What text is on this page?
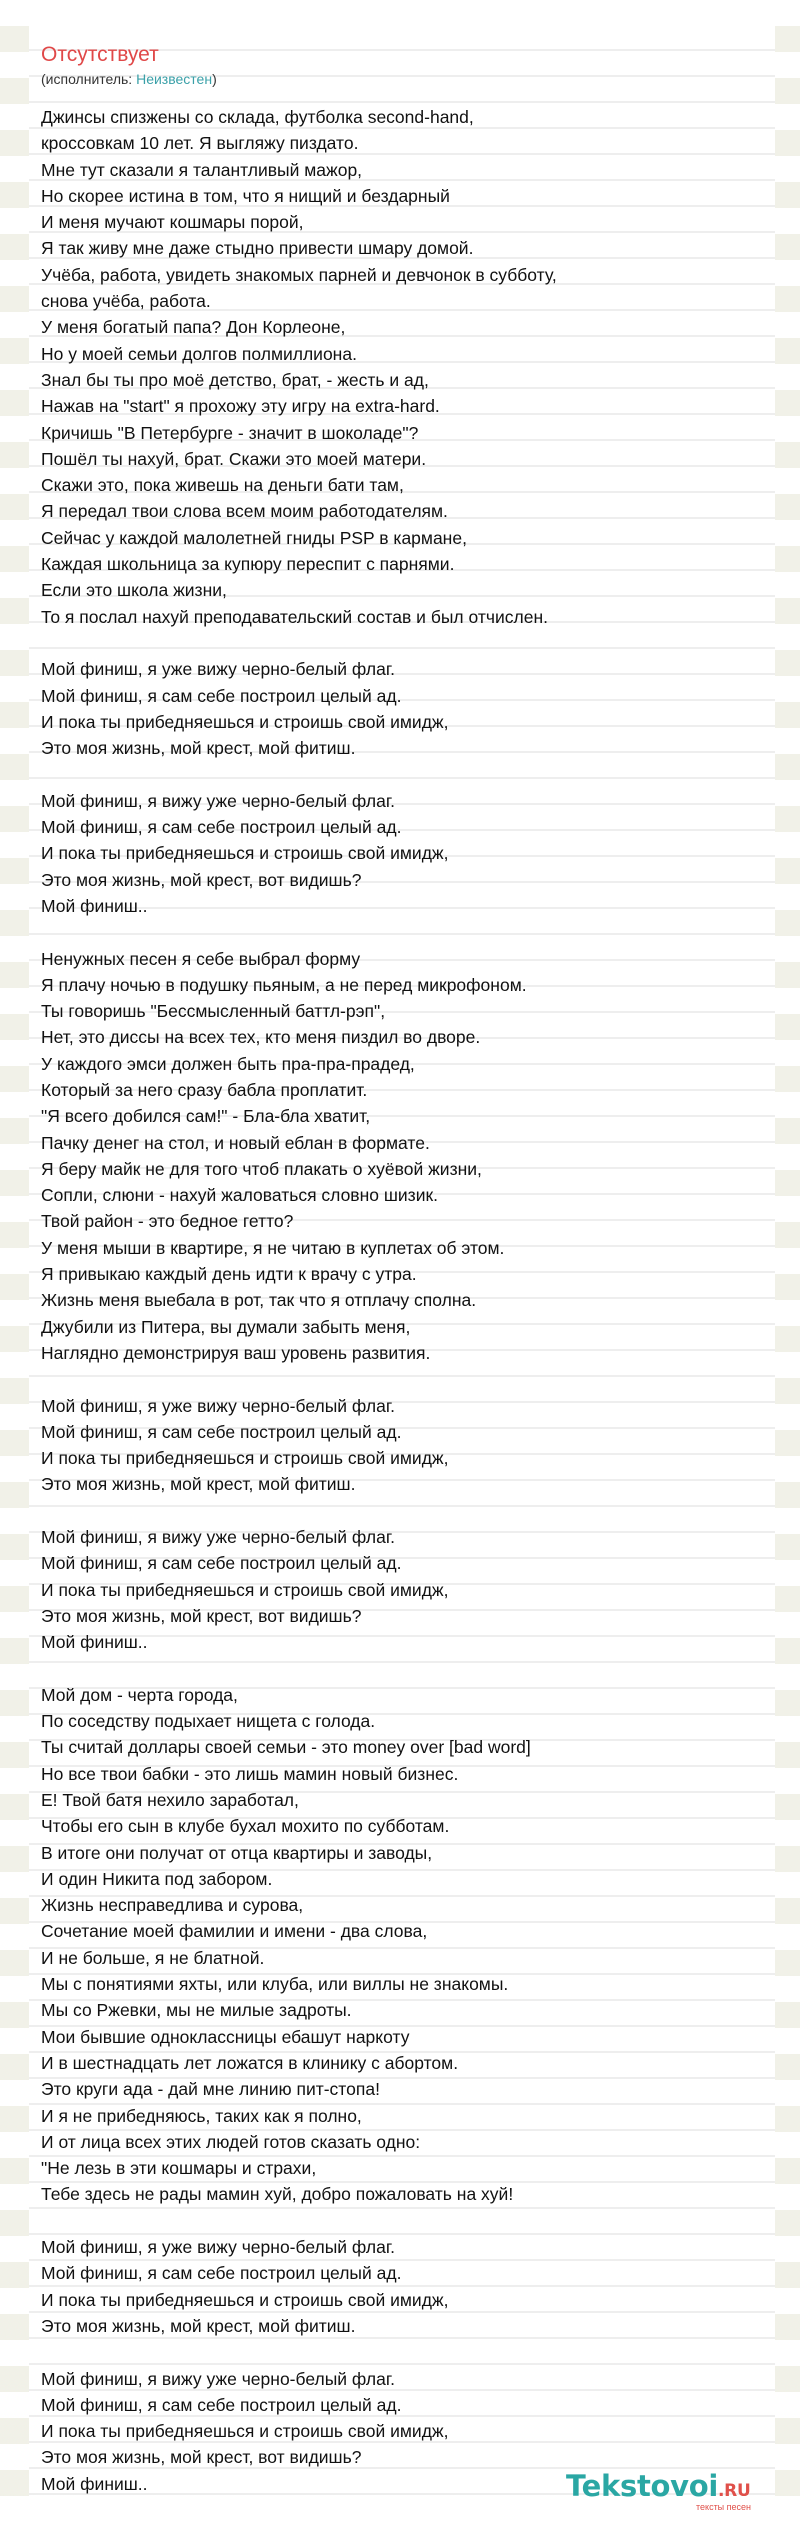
Отсутствует
(исполнитель: Неизвестен)
Джинсы спизжены со склада, футболка second-hand,
кроссовкам 10 лет. Я выгляжу пиздато.
Мне тут сказали я талантливый мажор,
Но скорее истина в том, что я нищий и бездарный
И меня мучают кошмары порой,
Я так живу мне даже стыдно привести шмару домой.
Учёба, работа, увидеть знакомых парней и девчонок в субботу,
снова учёба, работа.
У меня богатый папа? Дон Корлеоне,
Но у моей семьи долгов полмиллиона.
Знал бы ты про моё детство, брат, - жесть и ад,
Нажав на "start" я прохожу эту игру на extra-hard.
Кричишь "В Петербурге - значит в шоколаде"?
Пошёл ты нахуй, брат. Скажи это моей матери.
Скажи это, пока живешь на деньги бати там,
Я передал твои слова всем моим работодателям.
Сейчас у каждой малолетней гниды PSP в кармане,
Каждая школьница за купюру переспит с парнями.
Если это школа жизни,
То я послал нахуй преподавательский состав и был отчислен.
Мой финиш, я уже вижу черно-белый флаг.
Мой финиш, я сам себе построил целый ад.
И пока ты прибедняешься и строишь свой имидж,
Это моя жизнь, мой крест, мой фитиш.
Мой финиш, я вижу уже черно-белый флаг.
Мой финиш, я сам себе построил целый ад.
И пока ты прибедняешься и строишь свой имидж,
Это моя жизнь, мой крест, вот видишь?
Мой финиш..
Ненужных песен я себе выбрал форму
Я плачу ночью в подушку пьяным, а не перед микрофоном.
Ты говоришь "Бессмысленный баттл-рэп",
Нет, это диссы на всех тех, кто меня пиздил во дворе.
У каждого эмси должен быть пра-пра-прадед,
Который за него сразу бабла проплатит.
"Я всего добился сам!" - Бла-бла хватит,
Пачку денег на стол, и новый еблан в формате.
Я беру майк не для того чтоб плакать о хуёвой жизни,
Сопли, слюни - нахуй жаловаться словно шизик.
Твой район - это бедное гетто?
У меня мыши в квартире, я не читаю в куплетах об этом.
Я привыкаю каждый день идти к врачу с утра.
Жизнь меня выебала в рот, так что я отплачу сполна.
Джубили из Питера, вы думали забыть меня,
Наглядно демонстрируя ваш уровень развития.
Мой финиш, я уже вижу черно-белый флаг.
Мой финиш, я сам себе построил целый ад.
И пока ты прибедняешься и строишь свой имидж,
Это моя жизнь, мой крест, мой фитиш.
Мой финиш, я вижу уже черно-белый флаг.
Мой финиш, я сам себе построил целый ад.
И пока ты прибедняешься и строишь свой имидж,
Это моя жизнь, мой крест, вот видишь?
Мой финиш..
Мой дом - черта города,
По соседству подыхает нищета с голода.
Ты считай доллары своей семьи - это money over [bad word]
Но все твои бабки - это лишь мамин новый бизнес.
Е! Твой батя нехило заработал,
Чтобы его сын в клубе бухал мохито по субботам.
В итоге они получат от отца квартиры и заводы,
И один Никита под забором.
Жизнь несправедлива и сурова,
Сочетание моей фамилии и имени - два слова,
И не больше, я не блатной.
Мы с понятиями яхты, или клуба, или виллы не знакомы.
Мы со Ржевки, мы не милые задроты.
Мои бывшие одноклассницы ебашут наркоту
И в шестнадцать лет ложатся в клинику с абортом.
Это круги ада - дай мне линию пит-стопа!
И я не прибедняюсь, таких как я полно,
И от лица всех этих людей готов сказать одно:
"Не лезь в эти кошмары и страхи,
Тебе здесь не рады мамин хуй, добро пожаловать на хуй!
Мой финиш, я уже вижу черно-белый флаг.
Мой финиш, я сам себе построил целый ад.
И пока ты прибедняешься и строишь свой имидж,
Это моя жизнь, мой крест, мой фитиш.
Мой финиш, я вижу уже черно-белый флаг.
Мой финиш, я сам себе построил целый ад.
И пока ты прибедняешься и строишь свой имидж,
Это моя жизнь, мой крест, вот видишь?
Мой финиш..	Tekstovoi.RU
тексты песен
